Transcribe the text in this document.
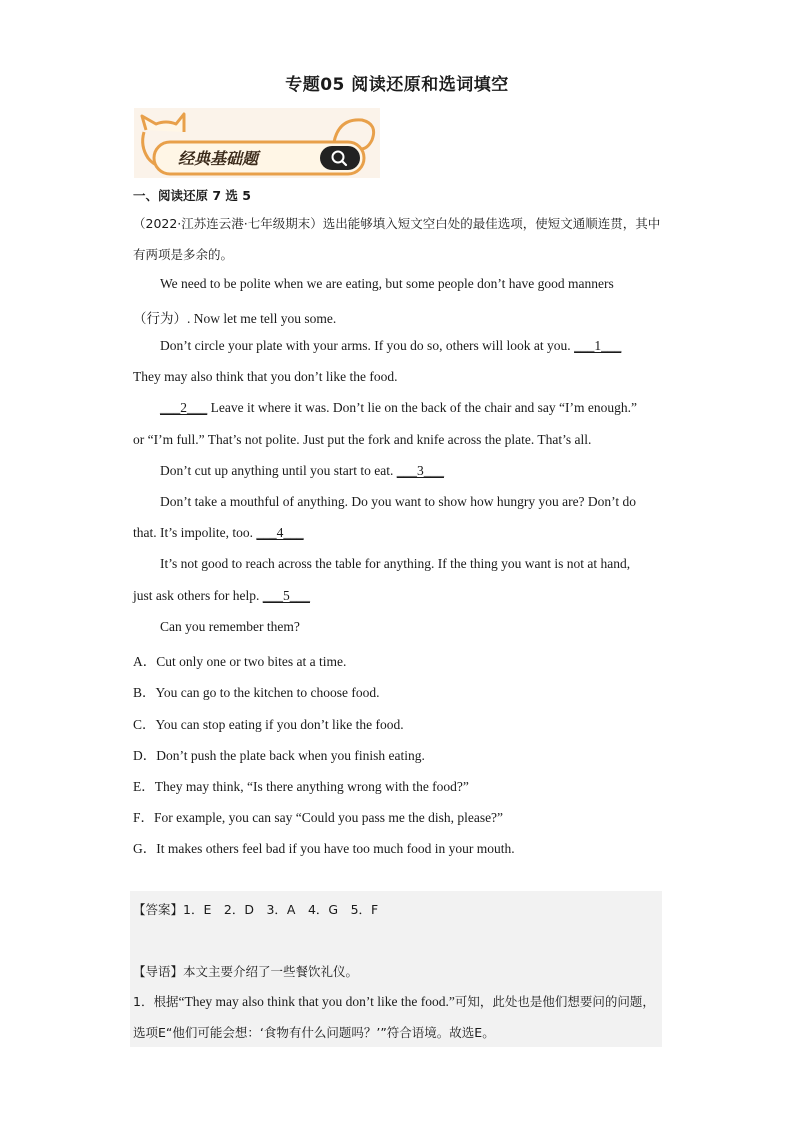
专题05 阅读还原和选词填空
经典基础题
一、阅读还原 7 选 5
（2022·江苏连云港·七年级期末）选出能够填入短文空白处的最佳选项，使短文通顺连贯，其中有两项是多余的。
We need to be polite when we are eating, but some people don’t have good manners
（行为）. Now let me tell you some.
Don’t circle your plate with your arms. If you do so, others will look at you. ___1___
They may also think that you don’t like the food.
___2___ Leave it where it was. Don’t lie on the back of the chair and say “I’m enough.”
or “I’m full.” That’s not polite. Just put the fork and knife across the plate. That’s all.
Don’t cut up anything until you start to eat. ___3___
Don’t take a mouthful of anything. Do you want to show how hungry you are? Don’t do
that. It’s impolite, too. ___4___
It’s not good to reach across the table for anything. If the thing you want is not at hand,
just ask others for help. ___5___
Can you remember them?
A．Cut only one or two bites at a time.
B．You can go to the kitchen to choose food.
C．You can stop eating if you don’t like the food.
D．Don’t push the plate back when you finish eating.
E．They may think, “Is there anything wrong with the food?”
F．For example, you can say “Could you pass me the dish, please?”
G．It makes others feel bad if you have too much food in your mouth.
【答案】1．E　2．D　3．A　4．G　5．F
【导语】本文主要介绍了一些餐饮礼仪。
1．根据“They may also think that you don’t like the food.”可知，此处也是他们想要问的问题，选项E“他们可能会想：‘食物有什么问题吗？’”符合语境。故选E。
